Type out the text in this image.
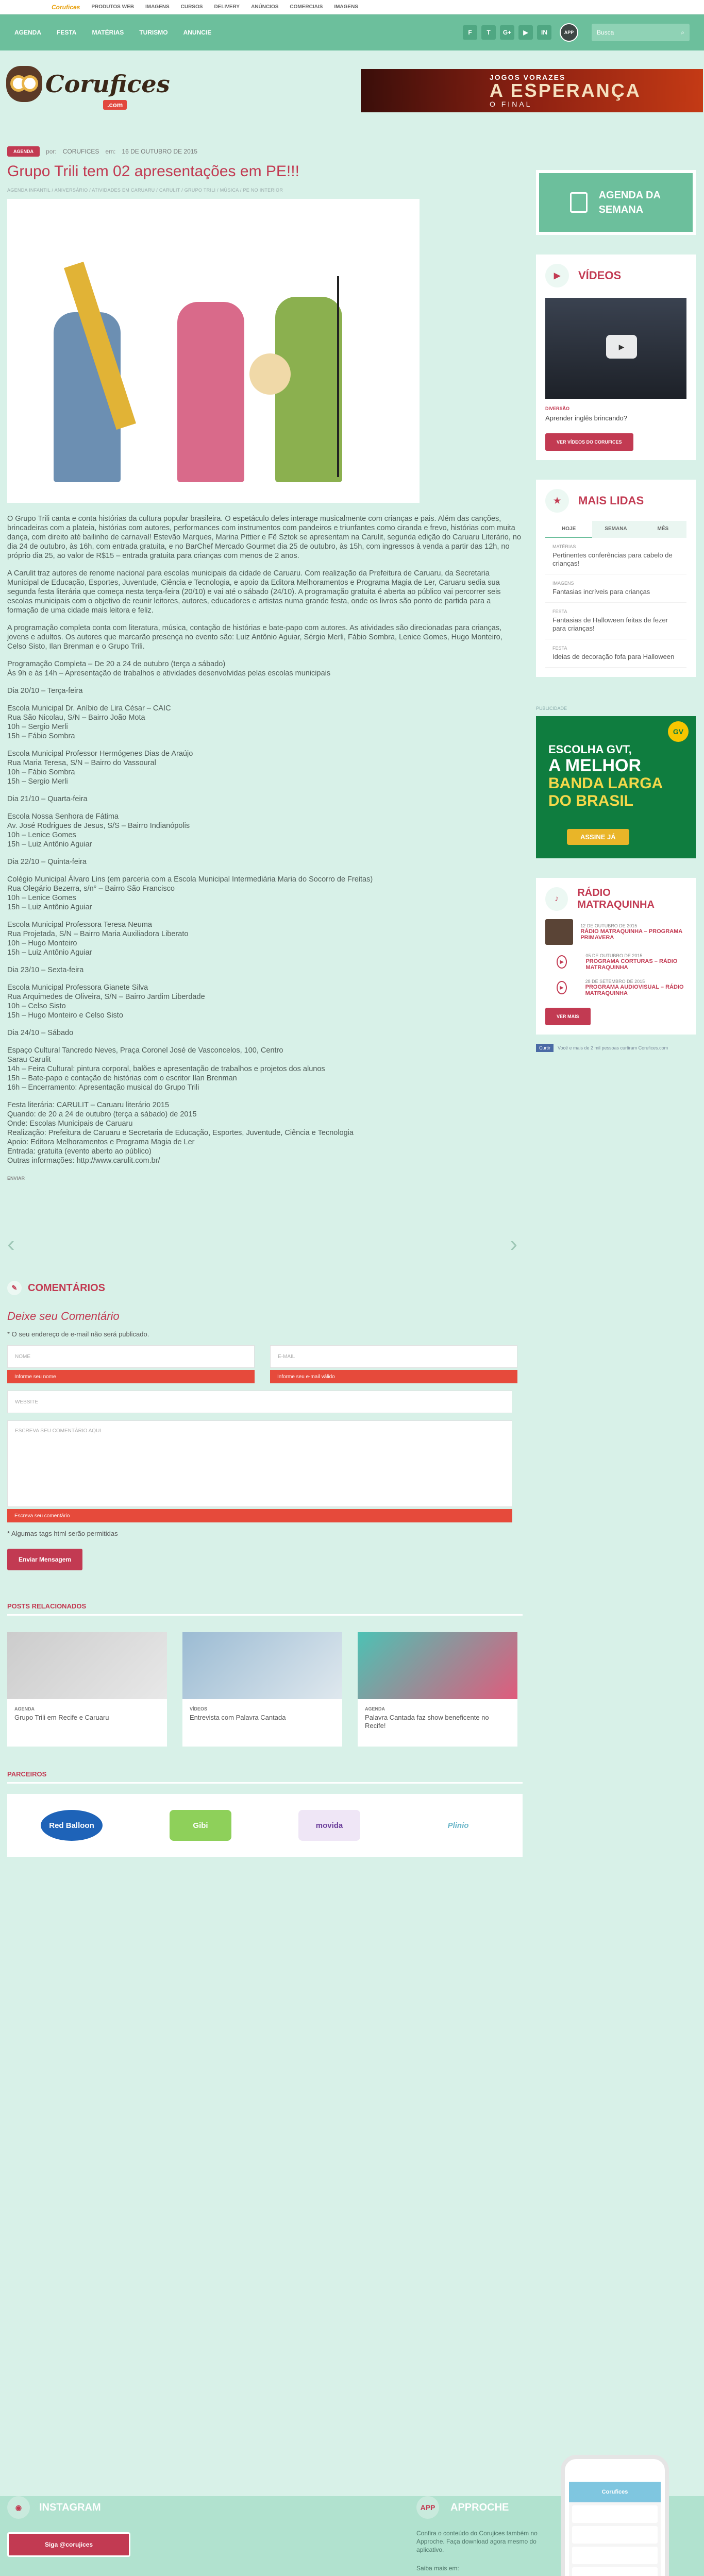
Corufices PRODUTOS WEB IMAGENS CURSOS DELIVERY ANÚNCIOS COMERCIAIS IMAGENS
AGENDA	FESTA	MATÉRIAS	TURISMO	ANUNCIE	F	T	G+	▶	IN	APP	Busca	⌕
Corufices
.com
JOGOS VORAZES
A ESPERANÇA
O FINAL
AGENDA	por: CORUFICES em: 16 DE OUTUBRO DE 2015
Grupo Trili tem 02 apresentações em PE!!!
AGENDA INFANTIL / ANIVERSÁRIO / ATIVIDADES EM CARUARU / CARULIT / GRUPO TRILI / MÚSICA / PE NO INTERIOR

O Grupo Trili canta e conta histórias da cultura popular brasileira. O espetáculo deles interage musicalmente com crianças e pais. Além das canções, brincadeiras com a plateia, histórias com autores, performances com instrumentos com pandeiros e triunfantes como ciranda e frevo, histórias com muita dança, com direito até bailinho de carnaval! Estevão Marques, Marina Pittier e Fê Sztok se apresentam na Carulit, segunda edição do Caruaru Literário, no dia 24 de outubro, às 16h, com entrada gratuita, e no BarChef Mercado Gourmet dia 25 de outubro, às 15h, com ingressos à venda a partir das 12h, no próprio dia 25, ao valor de R$15 – entrada gratuita para crianças com menos de 2 anos.

A Carulit traz autores de renome nacional para escolas municipais da cidade de Caruaru. Com realização da Prefeitura de Caruaru, da Secretaria Municipal de Educação, Esportes, Juventude, Ciência e Tecnologia, e apoio da Editora Melhoramentos e Programa Magia de Ler, Caruaru sedia sua segunda festa literária que começa nesta terça-feira (20/10) e vai até o sábado (24/10). A programação gratuita é aberta ao público vai percorrer seis escolas municipais com o objetivo de reunir leitores, autores, educadores e artistas numa grande festa, onde os livros são ponto de partida para a formação de uma cidade mais leitora e feliz.

A programação completa conta com literatura, música, contação de histórias e bate-papo com autores. As atividades são direcionadas para crianças, jovens e adultos. Os autores que marcarão presença no evento são: Luiz Antônio Aguiar, Sérgio Merli, Fábio Sombra, Lenice Gomes, Hugo Monteiro, Celso Sisto, Ilan Brenman e o Grupo Trili.

Programação Completa – De 20 a 24 de outubro (terça a sábado)
Às 9h e às 14h – Apresentação de trabalhos e atividades desenvolvidas pelas escolas municipais

Dia 20/10 – Terça-feira

Escola Municipal Dr. Aníbio de Lira César – CAIC
Rua São Nicolau, S/N – Bairro João Mota
10h – Sergio Merli
15h – Fábio Sombra

Escola Municipal Professor Hermógenes Dias de Araújo
Rua Maria Teresa, S/N – Bairro do Vassoural
10h – Fábio Sombra
15h – Sergio Merli

Dia 21/10 – Quarta-feira

Escola Nossa Senhora de Fátima
Av. José Rodrigues de Jesus, S/S – Bairro Indianópolis
10h – Lenice Gomes
15h – Luiz Antônio Aguiar

Dia 22/10 – Quinta-feira

Colégio Municipal Álvaro Lins (em parceria com a Escola Municipal Intermediária Maria do Socorro de Freitas)
Rua Olegário Bezerra, s/n° – Bairro São Francisco
10h – Lenice Gomes
15h – Luiz Antônio Aguiar

Escola Municipal Professora Teresa Neuma
Rua Projetada, S/N – Bairro Maria Auxiliadora Liberato
10h – Hugo Monteiro
15h – Luiz Antônio Aguiar

Dia 23/10 – Sexta-feira

Escola Municipal Professora Gianete Silva
Rua Arquimedes de Oliveira, S/N – Bairro Jardim Liberdade
10h – Celso Sisto
15h – Hugo Monteiro e Celso Sisto

Dia 24/10 – Sábado

Espaço Cultural Tancredo Neves, Praça Coronel José de Vasconcelos, 100, Centro
Sarau Carulit
14h – Feira Cultural: pintura corporal, balões e apresentação de trabalhos e projetos dos alunos
15h – Bate-papo e contação de histórias com o escritor Ilan Brenman
16h – Encerramento: Apresentação musical do Grupo Trili

Festa literária: CARULIT – Caruaru literário 2015
Quando: de 20 a 24 de outubro (terça a sábado) de 2015
Onde: Escolas Municipais de Caruaru
Realização: Prefeitura de Caruaru e Secretaria de Educação, Esportes, Juventude, Ciência e Tecnologia
Apoio: Editora Melhoramentos e Programa Magia de Ler
Entrada: gratuita (evento aberto ao público)
Outras informações: http://www.carulit.com.br/

ENVIAR
‹	›
✎	COMENTÁRIOS
Deixe seu Comentário
* O seu endereço de e-mail não será publicado.
NOME
Informe seu nome
E-MAIL
Informe seu e-mail válido
WEBSITE
ESCREVA SEU COMENTÁRIO AQUI
Escreva seu comentário
* Algumas tags html serão permitidas
Enviar Mensagem
POSTS RELACIONADOS
AGENDA
Grupo Trili em Recife e Caruaru
VÍDEOS
Entrevista com Palavra Cantada
AGENDA
Palavra Cantada faz show beneficente no Recife!
PARCEIROS
Red Balloon	Gibi	movida	Plinio
AGENDA DA SEMANA
▶	VÍDEOS
▶
DIVERSÃO
Aprender inglês brincando?
VER VÍDEOS DO CORUFICES
★	MAIS LIDAS
HOJE	SEMANA	MÊS
MATÉRIAS
Pertinentes conferências para cabelo de crianças!
IMAGENS
Fantasias incríveis para crianças
FESTA
Fantasias de Halloween feitas de fezer para crianças!
FESTA
Ideias de decoração fofa para Halloween
PUBLICIDADE
GV
ESCOLHA GVT,
A MELHOR
BANDA LARGA DO BRASIL
ASSINE JÁ
♪
RÁDIO MATRAQUINHA
12 DE OUTUBRO DE 2015
RÁDIO MATRAQUINHA – PROGRAMA PRIMAVERA
▶
05 DE OUTUBRO DE 2015
PROGRAMA CORTURAS – RÁDIO MATRAQUINHA
▶
28 DE SETEMBRO DE 2015
PROGRAMA AUDIOVISUAL – RÁDIO MATRAQUINHA
VER MAIS
Curtir	Você e mais de 2 mil pessoas curtiram Corufices.com
◉	INSTAGRAM
Siga @corujices
APP	APPROCHE

Confira o conteúdo do Corujices também no Approche. Faça download agora mesmo do aplicativo.

Saiba mais em:

Corufices
